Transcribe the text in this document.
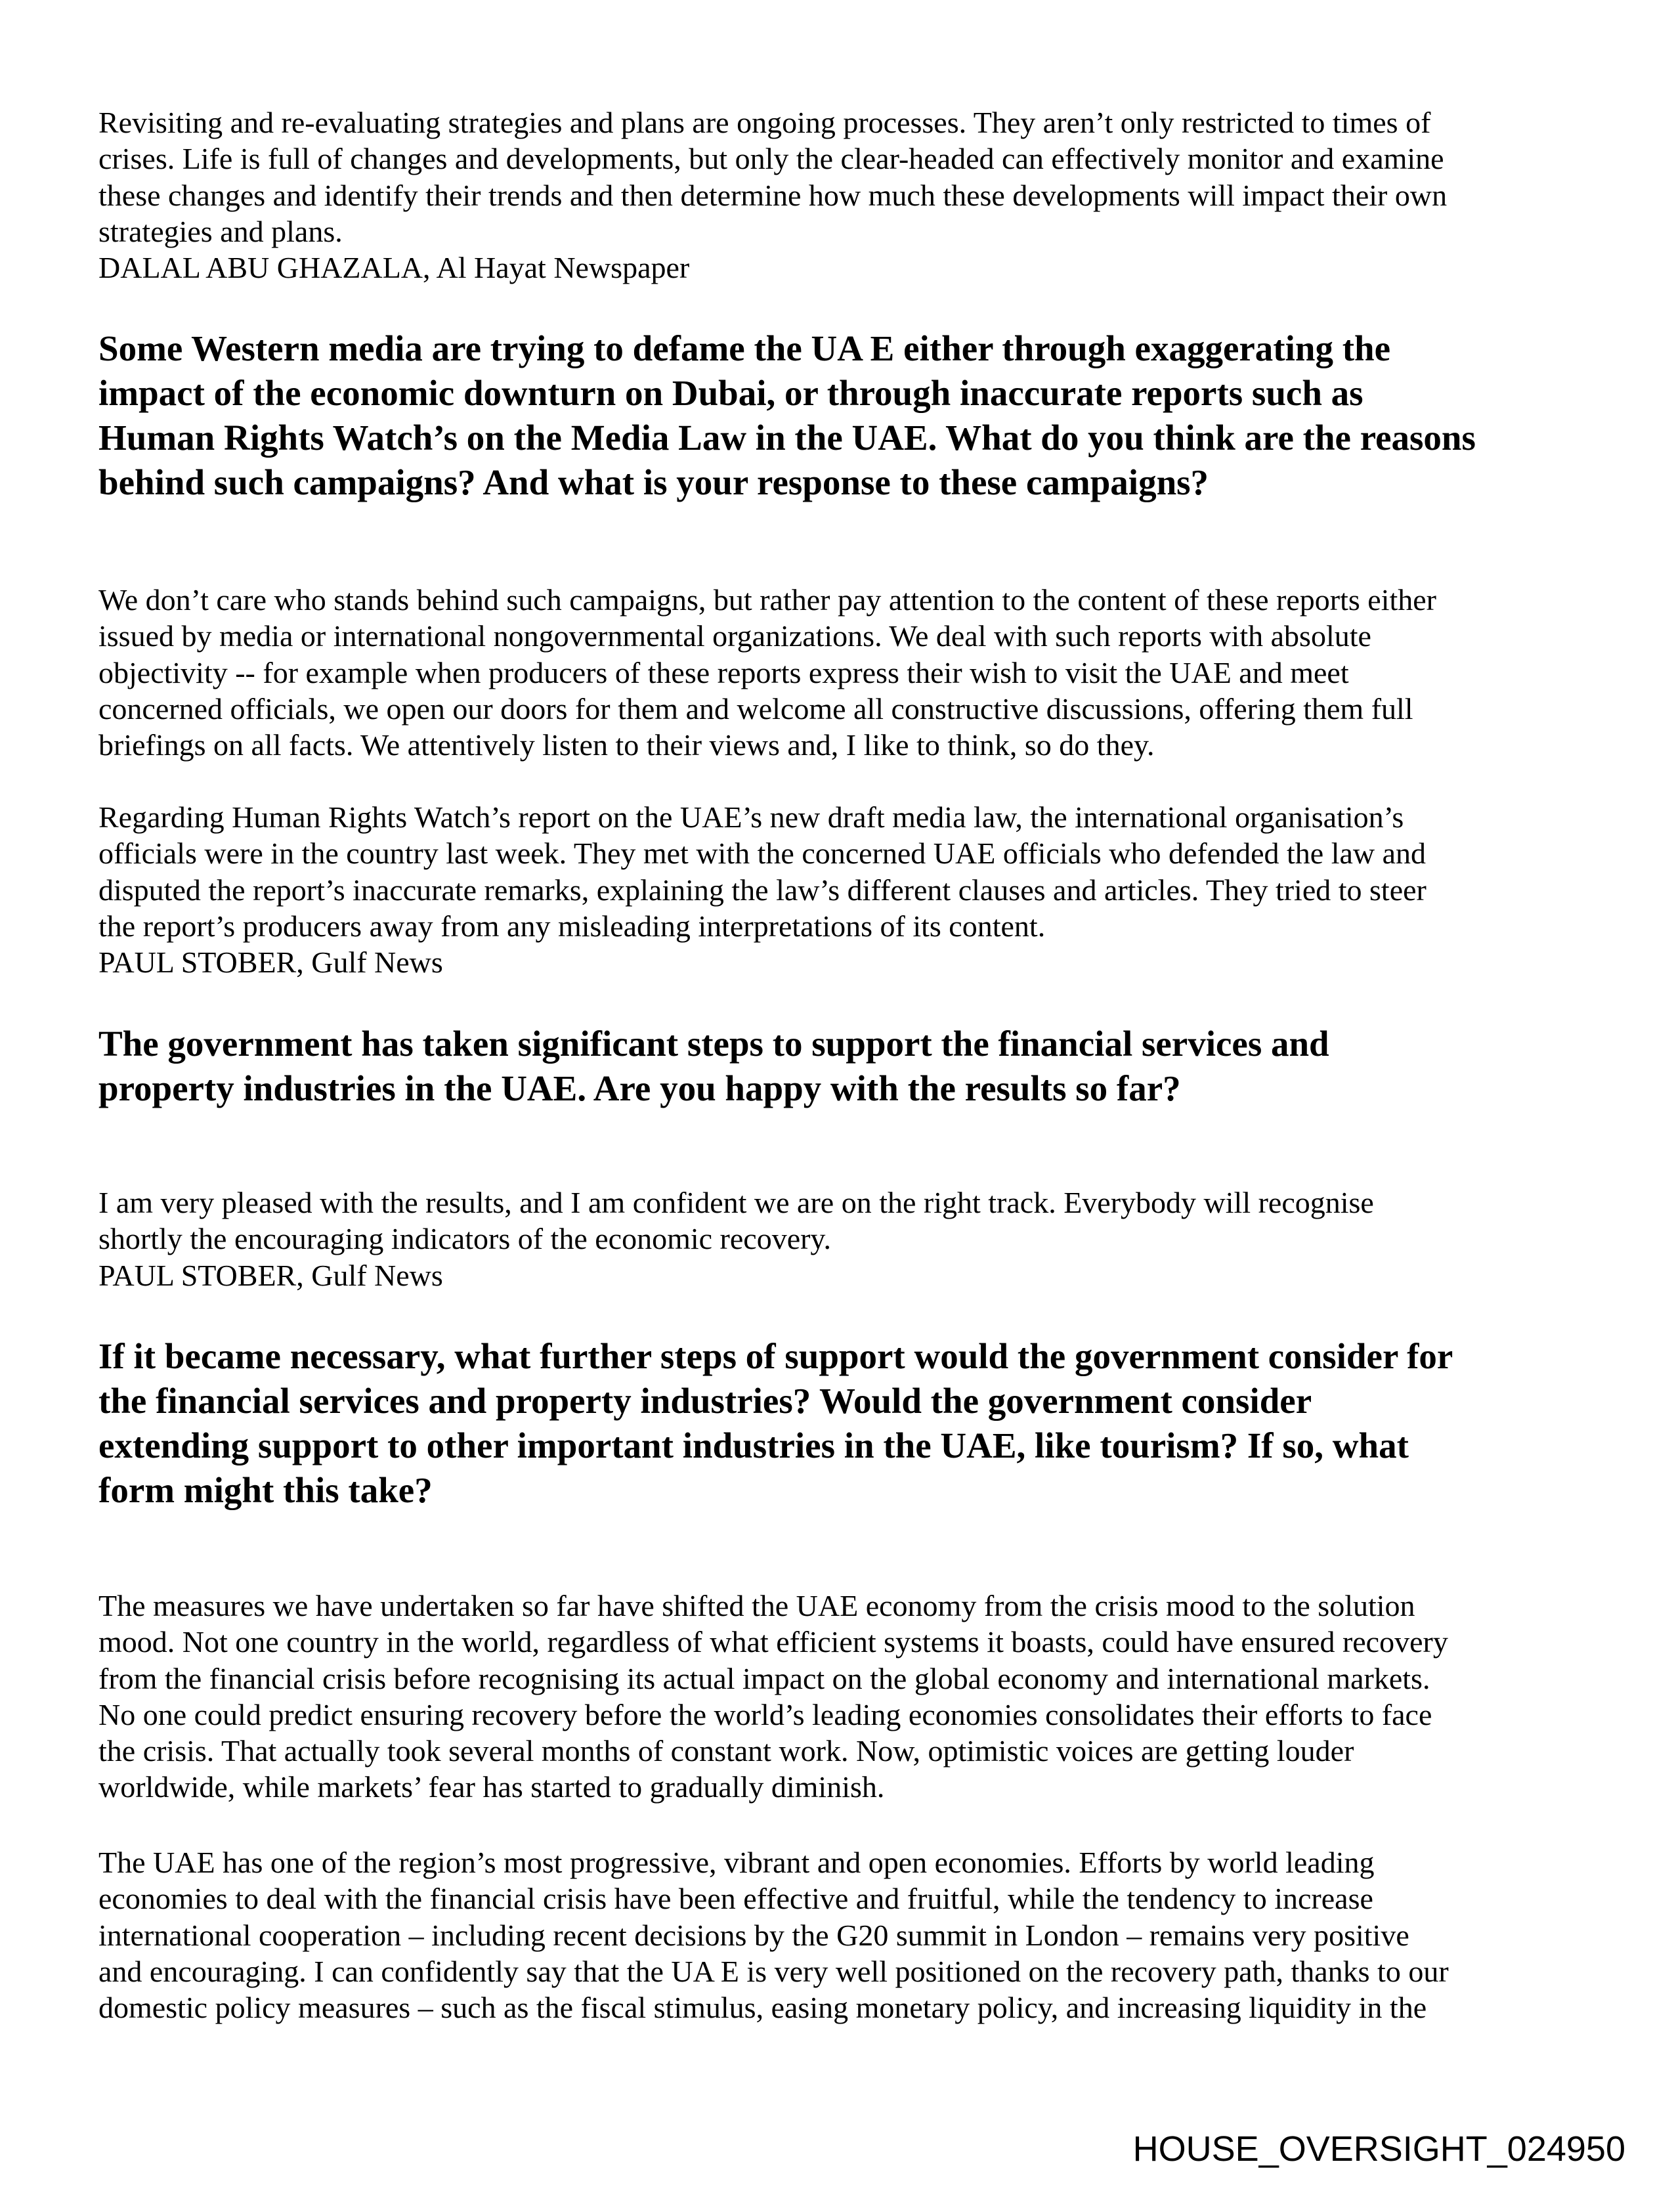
Revisiting and re-evaluating strategies and plans are ongoing processes. They aren’t only restricted to times of
crises. Life is full of changes and developments, but only the clear-headed can effectively monitor and examine
these changes and identify their trends and then determine how much these developments will impact their own
strategies and plans.
DALAL ABU GHAZALA, Al Hayat Newspaper
Some Western media are trying to defame the UA E either through exaggerating the
impact of the economic downturn on Dubai, or through inaccurate reports such as
Human Rights Watch’s on the Media Law in the UAE. What do you think are the reasons
behind such campaigns? And what is your response to these campaigns?
We don’t care who stands behind such campaigns, but rather pay attention to the content of these reports either
issued by media or international nongovernmental organizations. We deal with such reports with absolute
objectivity -- for example when producers of these reports express their wish to visit the UAE and meet
concerned officials, we open our doors for them and welcome all constructive discussions, offering them full
briefings on all facts. We attentively listen to their views and, I like to think, so do they.
Regarding Human Rights Watch’s report on the UAE’s new draft media law, the international organisation’s
officials were in the country last week. They met with the concerned UAE officials who defended the law and
disputed the report’s inaccurate remarks, explaining the law’s different clauses and articles. They tried to steer
the report’s producers away from any misleading interpretations of its content.
PAUL STOBER, Gulf News
The government has taken significant steps to support the financial services and
property industries in the UAE. Are you happy with the results so far?
I am very pleased with the results, and I am confident we are on the right track. Everybody will recognise
shortly the encouraging indicators of the economic recovery.
PAUL STOBER, Gulf News
If it became necessary, what further steps of support would the government consider for
the financial services and property industries? Would the government consider
extending support to other important industries in the UAE, like tourism? If so, what
form might this take?
The measures we have undertaken so far have shifted the UAE economy from the crisis mood to the solution
mood. Not one country in the world, regardless of what efficient systems it boasts, could have ensured recovery
from the financial crisis before recognising its actual impact on the global economy and international markets.
No one could predict ensuring recovery before the world’s leading economies consolidates their efforts to face
the crisis. That actually took several months of constant work. Now, optimistic voices are getting louder
worldwide, while markets’ fear has started to gradually diminish.
The UAE has one of the region’s most progressive, vibrant and open economies. Efforts by world leading
economies to deal with the financial crisis have been effective and fruitful, while the tendency to increase
international cooperation – including recent decisions by the G20 summit in London – remains very positive
and encouraging. I can confidently say that the UA E is very well positioned on the recovery path, thanks to our
domestic policy measures – such as the fiscal stimulus, easing monetary policy, and increasing liquidity in the
HOUSE_OVERSIGHT_024950
